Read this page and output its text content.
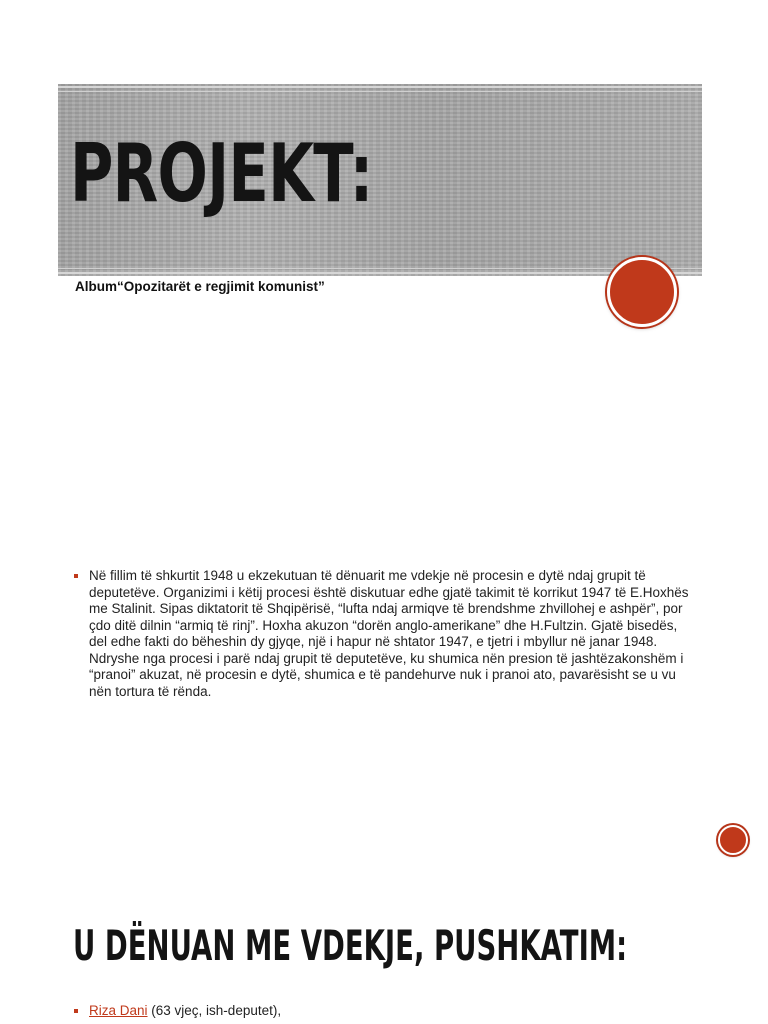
PROJEKT:
Album“Opozitarët e regjimit komunist”

Në fillim të shkurtit 1948 u ekzekutuan të dënuarit me vdekje në procesin e dytë ndaj grupit të deputetëve. Organizimi i këtij procesi është diskutuar edhe gjatë takimit të korrikut 1947 të E.Hoxhës me Stalinit. Sipas diktatorit të Shqipërisë, “lufta ndaj armiqve të brendshme zhvillohej e ashpër”, por çdo ditë dilnin “armiq të rinj”. Hoxha akuzon “dorën anglo-amerikane” dhe H.Fultzin. Gjatë bisedës, del edhe fakti do bëheshin dy gjyqe, një i hapur në shtator 1947, e tjetri i mbyllur në janar 1948. Ndryshe nga procesi i parë ndaj grupit të deputetëve, ku shumica nën presion të jashtëzakonshëm i “pranoi” akuzat, në procesin e dytë, shumica e të pandehurve nuk i pranoi ato, pavarësisht se u vu nën tortura të rënda.

U DËNUAN ME VDEKJE, PUSHKATIM:
Riza Dani (63 vjeç, ish-deputet),
